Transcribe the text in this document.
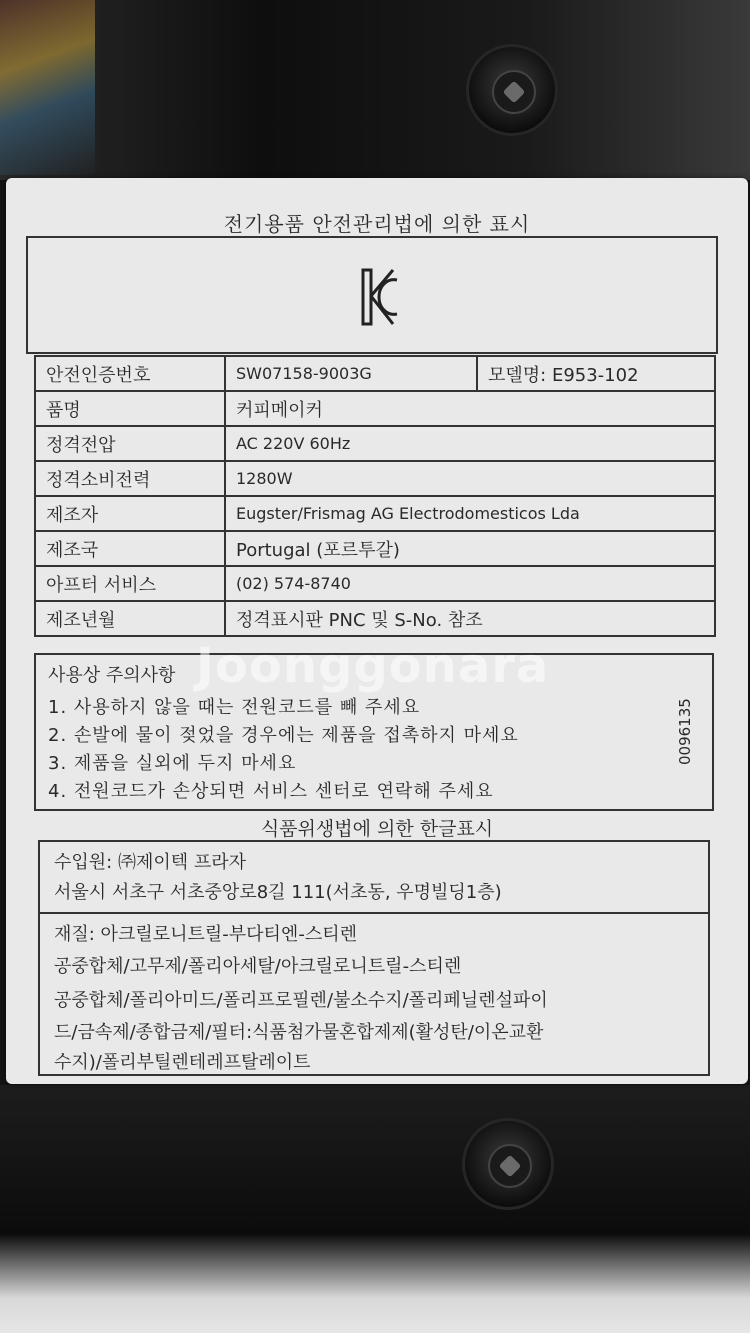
전기용품 안전관리법에 의한 표시
안전인증번호	SW07158-9003G	모델명: E953-102
품명	커피메이커	
정격전압	AC 220V 60Hz	
정격소비전력	1280W	
제조자	Eugster/Frismag AG Electrodomesticos Lda	
제조국	Portugal (포르투갈)	
아프터 서비스	(02) 574-8740	
제조년월	정격표시판 PNC 및 S-No. 참조	
사용상 주의사항
1. 사용하지 않을 때는 전원코드를 빼 주세요
2. 손발에 물이 젖었을 경우에는 제품을 접촉하지 마세요
3. 제품을 실외에 두지 마세요
4. 전원코드가 손상되면 서비스 센터로 연락해 주세요
0096135
식품위생법에 의한 한글표시
수입원: ㈜제이텍 프라자
서울시 서초구 서초중앙로8길 111(서초동, 우명빌딩1층)
재질: 아크릴로니트릴-부다티엔-스티렌
공중합체/고무제/폴리아세탈/아크릴로니트릴-스티렌
공중합체/폴리아미드/폴리프로필렌/불소수지/폴리페닐렌설파이
드/금속제/종합금제/필터:식품첨가물혼합제제(활성탄/이온교환
수지)/폴리부틸렌테레프탈레이트
Joonggonara
